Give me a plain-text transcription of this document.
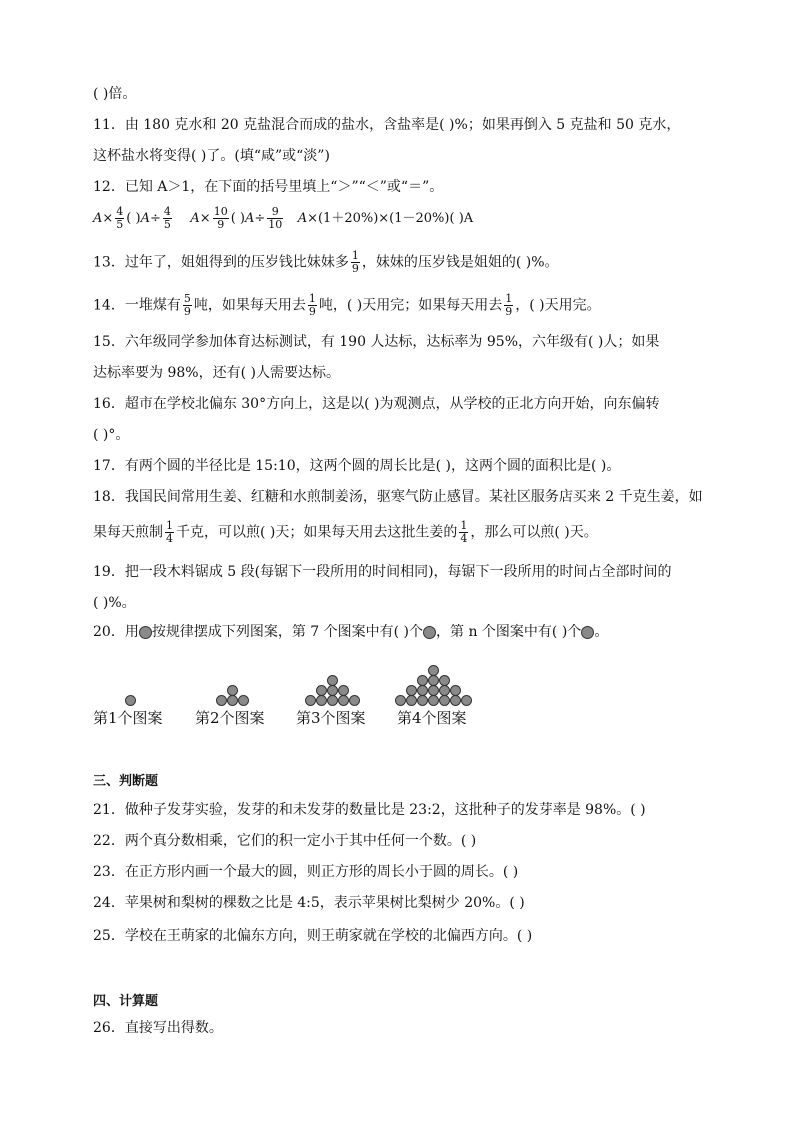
( )倍。
11．由 180 克水和 20 克盐混合而成的盐水，含盐率是( )%；如果再倒入 5 克盐和 50 克水，
这杯盐水将变得( )了。(填“咸”或“淡”)
12．已知 A＞1，在下面的括号里填上“＞”“＜”或“＝”。
$A\times \frac{4}{5}$ ( )$A\div \frac{4}{5} A\times \frac{10}{9}$ ( )$A\div \frac{9}{10} A\times(1+20\%)\times(1-20\%)$( )A
13．过年了，姐姐得到的压岁钱比妹妹多 $\frac{1}{9}$ ，妹妹的压岁钱是姐姐的( )%。
14．一堆煤有 $\frac{5}{9}$ 吨，如果每天用去 $\frac{1}{9}$ 吨，( )天用完；如果每天用去 $\frac{1}{9}$ ，( )天用完。
15．六年级同学参加体育达标测试，有 190 人达标，达标率为 95%，六年级有( )人；如果
达标率要为 98%，还有( )人需要达标。
16．超市在学校北偏东 30°方向上，这是以( )为观测点，从学校的正北方向开始，向东偏转
( )°。
17．有两个圆的半径比是 15:10，这两个圆的周长比是( )，这两个圆的面积比是( )。
18．我国民间常用生姜、红糖和水煎制姜汤，驱寒气防止感冒。某社区服务店买来 2 千克生姜，如
果每天煎制 $\frac{1}{4}$ 千克，可以煎( )天；如果每天用去这批生姜的 $\frac{1}{4}$ ，那么可以煎( )天。
19．把一段木料锯成 5 段(每锯下一段所用的时间相同)，每锯下一段所用的时间占全部时间的
( )%。
20．用 按规律摆成下列图案，第 7 个图案中有( )个 ，第 n 个图案中有( )个 。
第1个图案 第2个图案 第3个图案 第4个图案
三、判断题
21．做种子发芽实验，发芽的和未发芽的数量比是 23:2，这批种子的发芽率是 98%。( )
22．两个真分数相乘，它们的积一定小于其中任何一个数。( )
23．在正方形内画一个最大的圆，则正方形的周长小于圆的周长。( )
24．苹果树和梨树的棵数之比是 4:5，表示苹果树比梨树少 20%。( )
25．学校在王萌家的北偏东方向，则王萌家就在学校的北偏西方向。( )
四、计算题
26．直接写出得数。
